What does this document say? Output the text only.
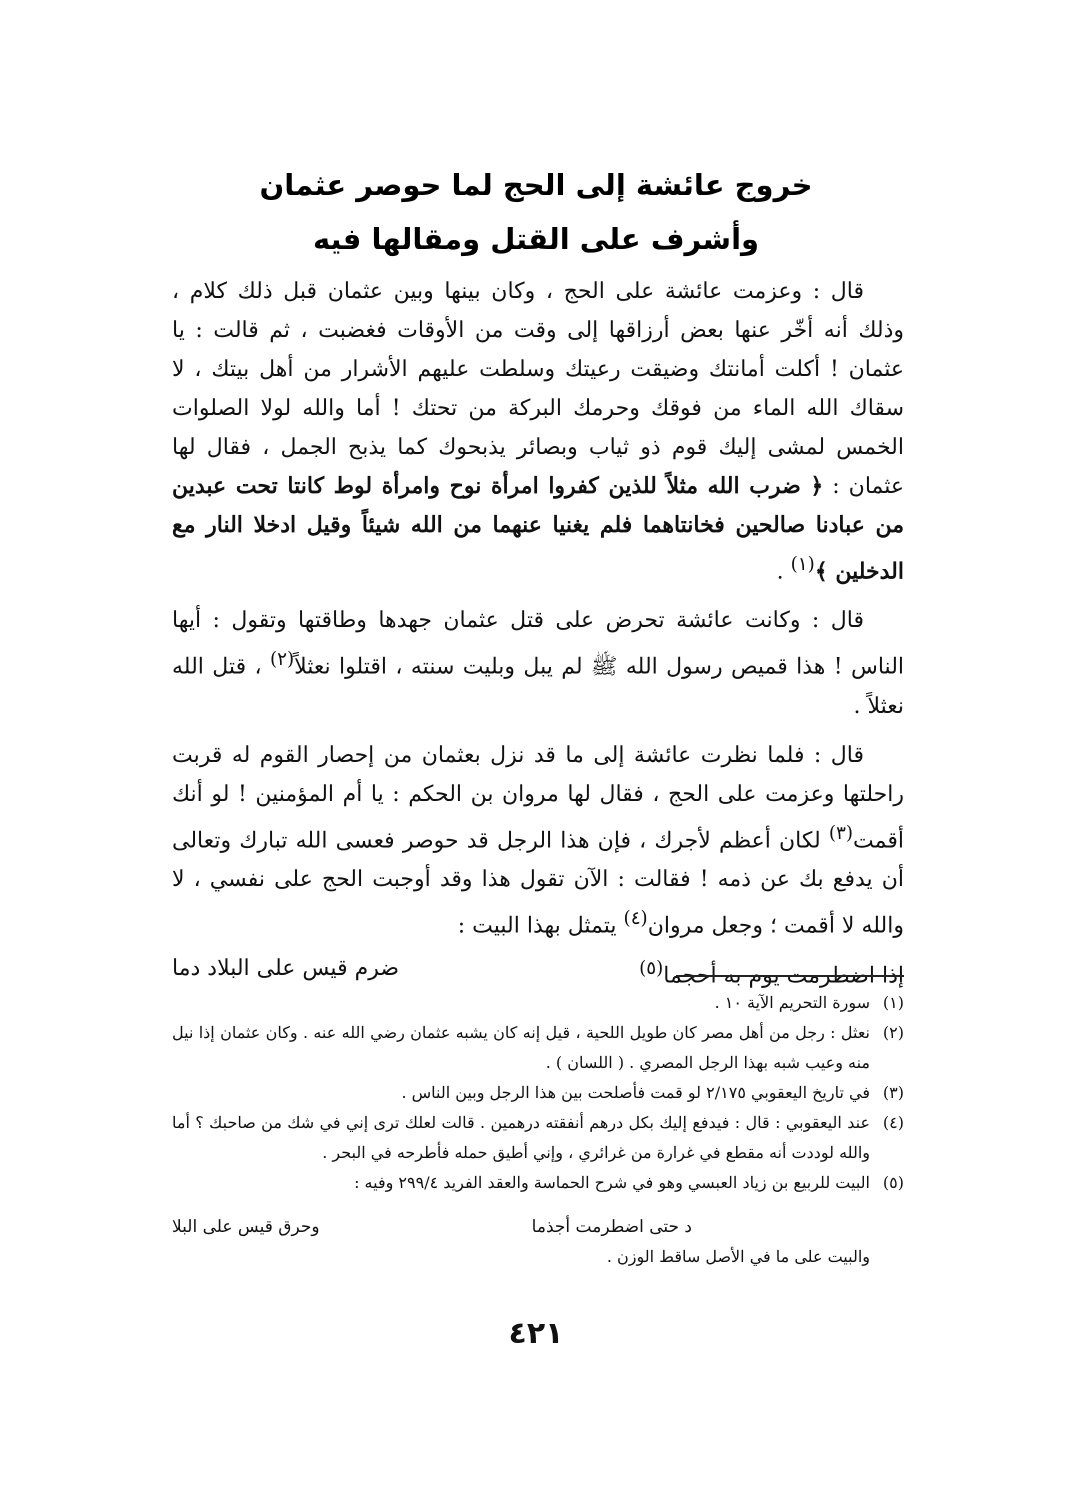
خروج عائشة إلى الحج لما حوصر عثمان
وأشرف على القتل ومقالها فيه

قال : وعزمت عائشة على الحج ، وكان بينها وبين عثمان قبل ذلك كلام ، وذلك أنه أخّر عنها بعض أرزاقها إلى وقت من الأوقات فغضبت ، ثم قالت : يا عثمان ! أكلت أمانتك وضيقت رعيتك وسلطت عليهم الأشرار من أهل بيتك ، لا سقاك الله الماء من فوقك وحرمك البركة من تحتك ! أما والله لولا الصلوات الخمس لمشى إليك قوم ذو ثياب وبصائر يذبحوك كما يذبح الجمل ، فقال لها عثمان : ﴿ ضرب الله مثلاً للذين كفروا امرأة نوح وامرأة لوط كانتا تحت عبدين من عبادنا صالحين فخانتاهما فلم يغنيا عنهما من الله شيئاً وقيل ادخلا النار مع الدخلين ﴾$^{(١)}$ .

قال : وكانت عائشة تحرض على قتل عثمان جهدها وطاقتها وتقول : أيها الناس ! هذا قميص رسول الله ﷺ لم يبل وبليت سنته ، اقتلوا نعثلاً$^{(٢)}$ ، قتل الله نعثلاً .

قال : فلما نظرت عائشة إلى ما قد نزل بعثمان من إحصار القوم له قربت راحلتها وعزمت على الحج ، فقال لها مروان بن الحكم : يا أم المؤمنين ! لو أنك أقمت$^{(٣)}$ لكان أعظم لأجرك ، فإن هذا الرجل قد حوصر فعسى الله تبارك وتعالى أن يدفع بك عن ذمه ! فقالت : الآن تقول هذا وقد أوجبت الحج على نفسي ، لا والله لا أقمت ؛ وجعل مروان$^{(٤)}$ يتمثل بهذا البيت :

ضرم قيس على البلاد دما	إذا اضطرمت يوم به أحجما$^{(٥)}$
(١)
سورة التحريم الآية ١٠ .
(٢)
نعثل : رجل من أهل مصر كان طويل اللحية ، قيل إنه كان يشبه عثمان رضي الله عنه . وكان عثمان إذا نيل منه وعيب شبه بهذا الرجل المصري . ( اللسان ) .
(٣)
في تاريخ اليعقوبي ٢/١٧٥ لو قمت فأصلحت بين هذا الرجل وبين الناس .
(٤)
عند اليعقوبي : قال : فيدفع إليك بكل درهم أنفقته درهمين . قالت لعلك ترى إني في شك من صاحبك ؟ أما والله لوددت أنه مقطع في غرارة من غرائري ، وإني أطيق حمله فأطرحه في البحر .
(٥)
البيت للربيع بن زياد العبسي وهو في شرح الحماسة والعقد الفريد ٢٩٩/٤ وفيه :
وحرق قيس على البلا	د حتى اضطرمت أجذما
والبيت على ما في الأصل ساقط الوزن .
٤٢١
